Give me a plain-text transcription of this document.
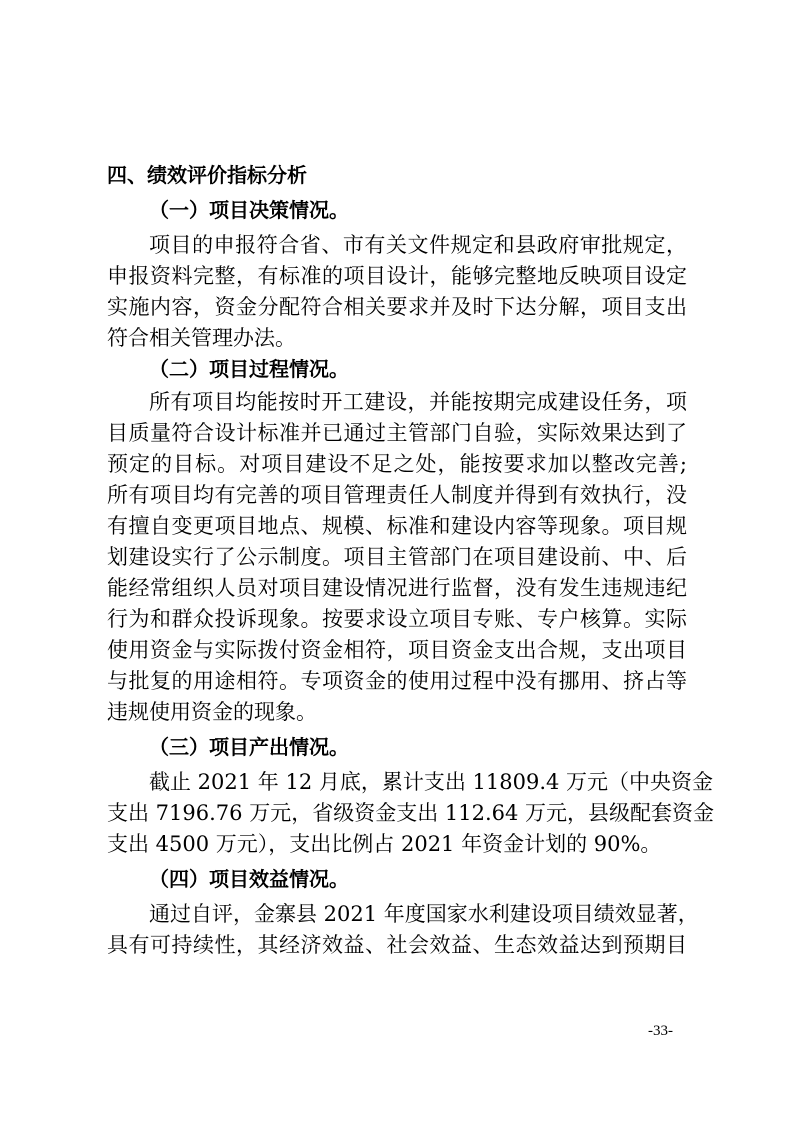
四、绩效评价指标分析
（一）项目决策情况。
项目的申报符合省、市有关文件规定和县政府审批规定，
申报资料完整，有标准的项目设计，能够完整地反映项目设定
实施内容，资金分配符合相关要求并及时下达分解，项目支出
符合相关管理办法。
（二）项目过程情况。
所有项目均能按时开工建设，并能按期完成建设任务，项
目质量符合设计标准并已通过主管部门自验，实际效果达到了
预定的目标。对项目建设不足之处，能按要求加以整改完善;
所有项目均有完善的项目管理责任人制度并得到有效执行，没
有擅自变更项目地点、规模、标准和建设内容等现象。项目规
划建设实行了公示制度。项目主管部门在项目建设前、中、后
能经常组织人员对项目建设情况进行监督，没有发生违规违纪
行为和群众投诉现象。按要求设立项目专账、专户核算。实际
使用资金与实际拨付资金相符，项目资金支出合规，支出项目
与批复的用途相符。专项资金的使用过程中没有挪用、挤占等
违规使用资金的现象。
（三）项目产出情况。
截止 2021 年 12 月底，累计支出 11809.4 万元（中央资金
支出 7196.76 万元，省级资金支出 112.64 万元，县级配套资金
支出 4500 万元），支出比例占 2021 年资金计划的 90%。
（四）项目效益情况。
通过自评，金寨县 2021 年度国家水利建设项目绩效显著，
具有可持续性，其经济效益、社会效益、生态效益达到预期目
-33-
